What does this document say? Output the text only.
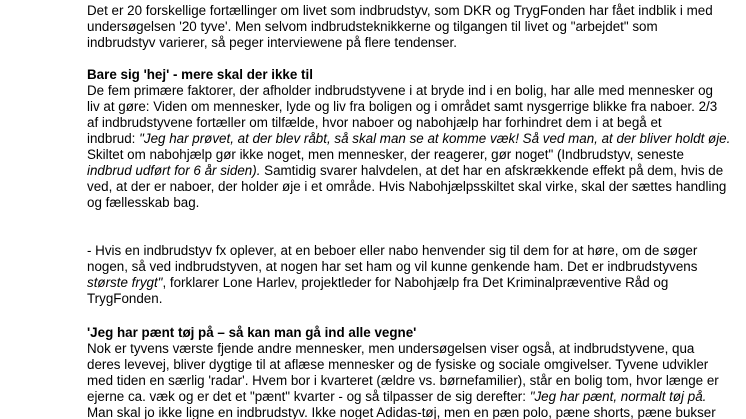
Det er 20 forskellige fortællinger om livet som indbrudstyv, som DKR og TrygFonden har fået indblik i med
undersøgelsen '20 tyve'. Men selvom indbrudsteknikkerne og tilgangen til livet og "arbejdet" som
indbrudstyv varierer, så peger interviewene på flere tendenser.
Bare sig 'hej' - mere skal der ikke til
De fem primære faktorer, der afholder indbrudstyvene i at bryde ind i en bolig, har alle med mennesker og
liv at gøre: Viden om mennesker, lyde og liv fra boligen og i området samt nysgerrige blikke fra naboer. 2/3
af indbrudstyvene fortæller om tilfælde, hvor naboer og nabohjælp har forhindret dem i at begå et
indbrud: "Jeg har prøvet, at der blev råbt, så skal man se at komme væk! Så ved man, at der bliver holdt øje.
Skiltet om nabohjælp gør ikke noget, men mennesker, der reagerer, gør noget" (Indbrudstyv, seneste
indbrud udført for 6 år siden). Samtidig svarer halvdelen, at det har en afskrækkende effekt på dem, hvis de
ved, at der er naboer, der holder øje i et område. Hvis Nabohjælpsskiltet skal virke, skal der sættes handling
og fællesskab bag.
- Hvis en indbrudstyv fx oplever, at en beboer eller nabo henvender sig til dem for at høre, om de søger
nogen, så ved indbrudstyven, at nogen har set ham og vil kunne genkende ham. Det er indbrudstyvens
største frygt", forklarer Lone Harlev, projektleder for Nabohjælp fra Det Kriminalpræventive Råd og
TrygFonden.
'Jeg har pænt tøj på – så kan man gå ind alle vegne'
Nok er tyvens værste fjende andre mennesker, men undersøgelsen viser også, at indbrudstyvene, qua
deres levevej, bliver dygtige til at aflæse mennesker og de fysiske og sociale omgivelser. Tyvene udvikler
med tiden en særlig 'radar'. Hvem bor i kvarteret (ældre vs. børnefamilier), står en bolig tom, hvor længe er
ejerne ca. væk og er det et "pænt" kvarter - og så tilpasser de sig derefter: "Jeg har pænt, normalt tøj på.
Man skal jo ikke ligne en indbrudstyv. Ikke noget Adidas-tøj, men en pæn polo, pæne shorts, pæne bukser
